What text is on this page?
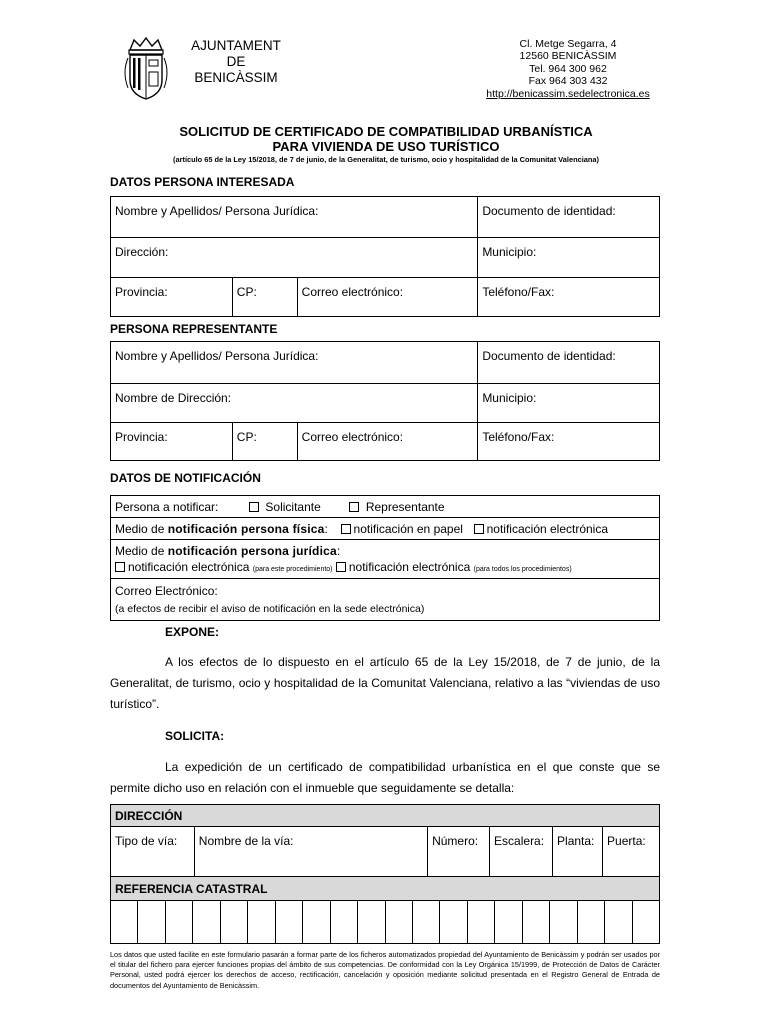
AJUNTAMENT
DE
BENICÀSSIM
Cl. Metge Segarra, 4
12560 BENICÀSSIM
Tel. 964 300 962
Fax 964 303 432
http://benicassim.sedelectronica.es
SOLICITUD DE CERTIFICADO DE COMPATIBILIDAD URBANÍSTICA
PARA VIVIENDA DE USO TURÍSTICO
(artículo 65 de la Ley 15/2018, de 7 de junio, de la Generalitat, de turismo, ocio y hospitalidad de la Comunitat Valenciana)
DATOS PERSONA INTERESADA
Nombre y Apellidos/ Persona Jurídica:			Documento de identidad:
Dirección:			Municipio:
Provincia:	CP:	Correo electrónico:	Teléfono/Fax:
PERSONA REPRESENTANTE
Nombre y Apellidos/ Persona Jurídica:			Documento de identidad:
Nombre de Dirección:			Municipio:
Provincia:	CP:	Correo electrónico:	Teléfono/Fax:
DATOS DE NOTIFICACIÓN
Persona a notificar:	Solicitante	Representante
Medio de notificación persona física: notificación en papel notificación electrónica

Medio de notificación persona jurídica:
notificación electrónica (para este procedimiento) notificación electrónica (para todos los procedimientos)

Correo Electrónico:
(a efectos de recibir el aviso de notificación en la sede electrónica)
EXPONE:
A los efectos de lo dispuesto en el artículo 65 de la Ley 15/2018, de 7 de junio, de la Generalitat, de turismo, ocio y hospitalidad de la Comunitat Valenciana, relativo a las “viviendas de uso turístico”.
SOLICITA:
La expedición de un certificado de compatibilidad urbanística en el que conste que se permite dicho uso en relación con el inmueble que seguidamente se detalla:
DIRECCIÓN
Tipo de vía:	Nombre de la vía:	Número:	Escalera:	Planta:	Puerta:
REFERENCIA CATASTRAL
Los datos que usted facilite en este formulario pasarán a formar parte de los ficheros automatizados propiedad del Ayuntamiento de Benicàssim y podrán ser usados por el titular del fichero para ejercer funciones propias del ámbito de sus competencias. De conformidad con la Ley Orgánica 15/1999, de Protección de Datos de Carácter Personal, usted podrá ejercer los derechos de acceso, rectificación, cancelación y oposición mediante solicitud presentada en el Registro General de Entrada de documentos del Ayuntamiento de Benicàssim.
